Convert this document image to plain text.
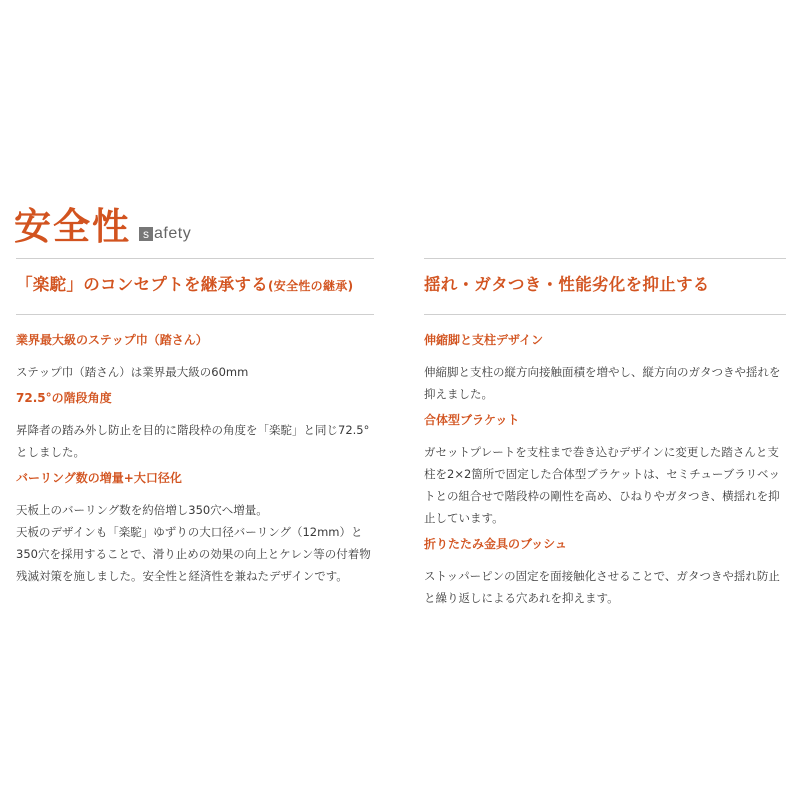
安全性	s afety
「楽駝」のコンセプトを継承する(安全性の継承)
業界最大級のステップ巾（踏さん）

ステップ巾（踏さん）は業界最大級の60mm

72.5°の階段角度

昇降者の踏み外し防止を目的に階段枠の角度を「楽駝」と同じ72.5°としました。

バーリング数の増量+大口径化

天板上のバーリング数を約倍増し350穴へ増量。

天板のデザインも「楽駝」ゆずりの大口径バーリング（12mm）と350穴を採用することで、滑り止めの効果の向上とケレン等の付着物残滅対策を施しました。安全性と経済性を兼ねたデザインです。

揺れ・ガタつき・性能劣化を抑止する
伸縮脚と支柱デザイン

伸縮脚と支柱の縦方向接触面積を増やし、縦方向のガタつきや揺れを抑えました。

合体型ブラケット

ガセットプレートを支柱まで巻き込むデザインに変更した踏さんと支柱を2×2箇所で固定した合体型ブラケットは、セミチューブラリベットとの組合せで階段枠の剛性を高め、ひねりやガタつき、横揺れを抑止しています。

折りたたみ金具のブッシュ

ストッパーピンの固定を面接触化させることで、ガタつきや揺れ防止と繰り返しによる穴あれを抑えます。
